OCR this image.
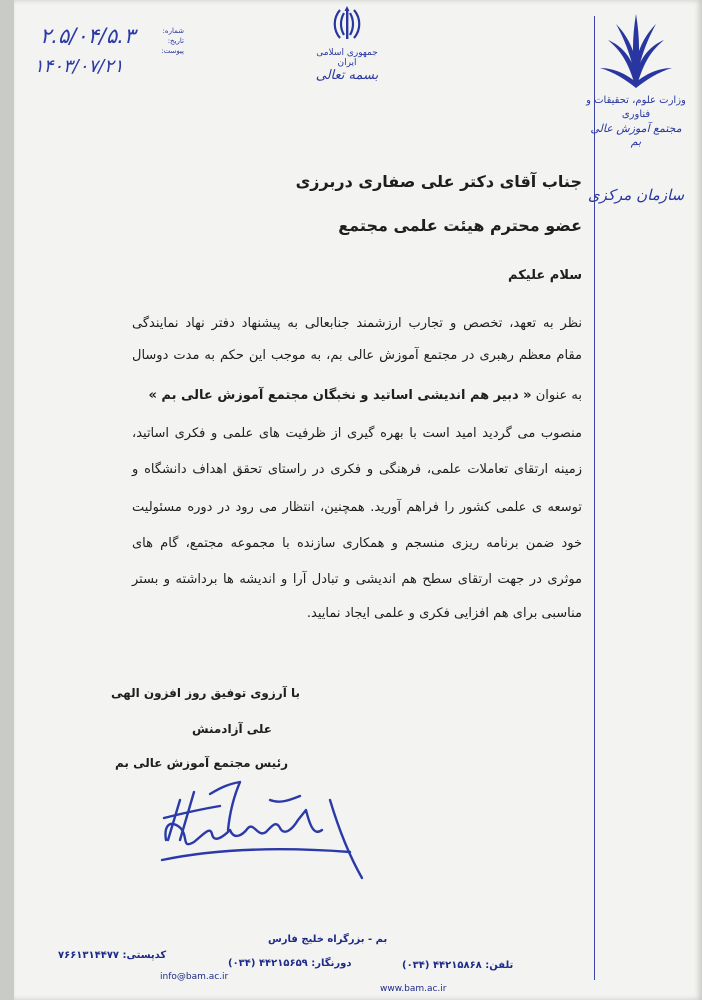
وزارت علوم، تحقیقات و فناوری
مجتمع آموزش عالی بم
سازمان مرکزی
جمهوری اسلامی ایران
بسمه تعالی
شماره:
تاریخ:
پیوست:
۲.۵/۰۴/۵.۳
۱۴۰۳/۰۷/۲۱
جناب آقای دکتر علی صفاری دربرزی
عضو محترم هیئت علمی مجتمع
سلام علیکم
نظر به تعهد، تخصص و تجارب ارزشمند جنابعالی به پیشنهاد دفتر نهاد نمایندگی
مقام معظم رهبری در مجتمع آموزش عالی بم، به موجب این حکم به مدت دوسال
به عنوان « دبیر هم اندیشی اساتید و نخبگان مجتمع آموزش عالی بم »
منصوب می گردید امید است با بهره گیری از ظرفیت های علمی و فکری اساتید،
زمینه ارتقای تعاملات علمی، فرهنگی و فکری در راستای تحقق اهداف دانشگاه و
توسعه ی علمی کشور را فراهم آورید. همچنین، انتظار می رود در دوره مسئولیت
خود ضمن برنامه ریزی منسجم و همکاری سازنده با مجموعه مجتمع، گام های
موثری در جهت ارتقای سطح هم اندیشی و تبادل آرا و اندیشه ها برداشته و بستر
مناسبی برای هم افزایی فکری و علمی ایجاد نمایید.
با آرزوی توفیق روز افزون الهی
علی آزادمنش
رئیس مجتمع آموزش عالی بم
بم - بزرگراه خلیج فارس
تلفن: ۴۴۲۱۵۸۶۸ (۰۳۴)
دورنگار: ۴۴۲۱۵۶۵۹ (۰۳۴)
کدپستی: ۷۶۶۱۳۱۴۴۷۷
info@bam.ac.ir
www.bam.ac.ir
